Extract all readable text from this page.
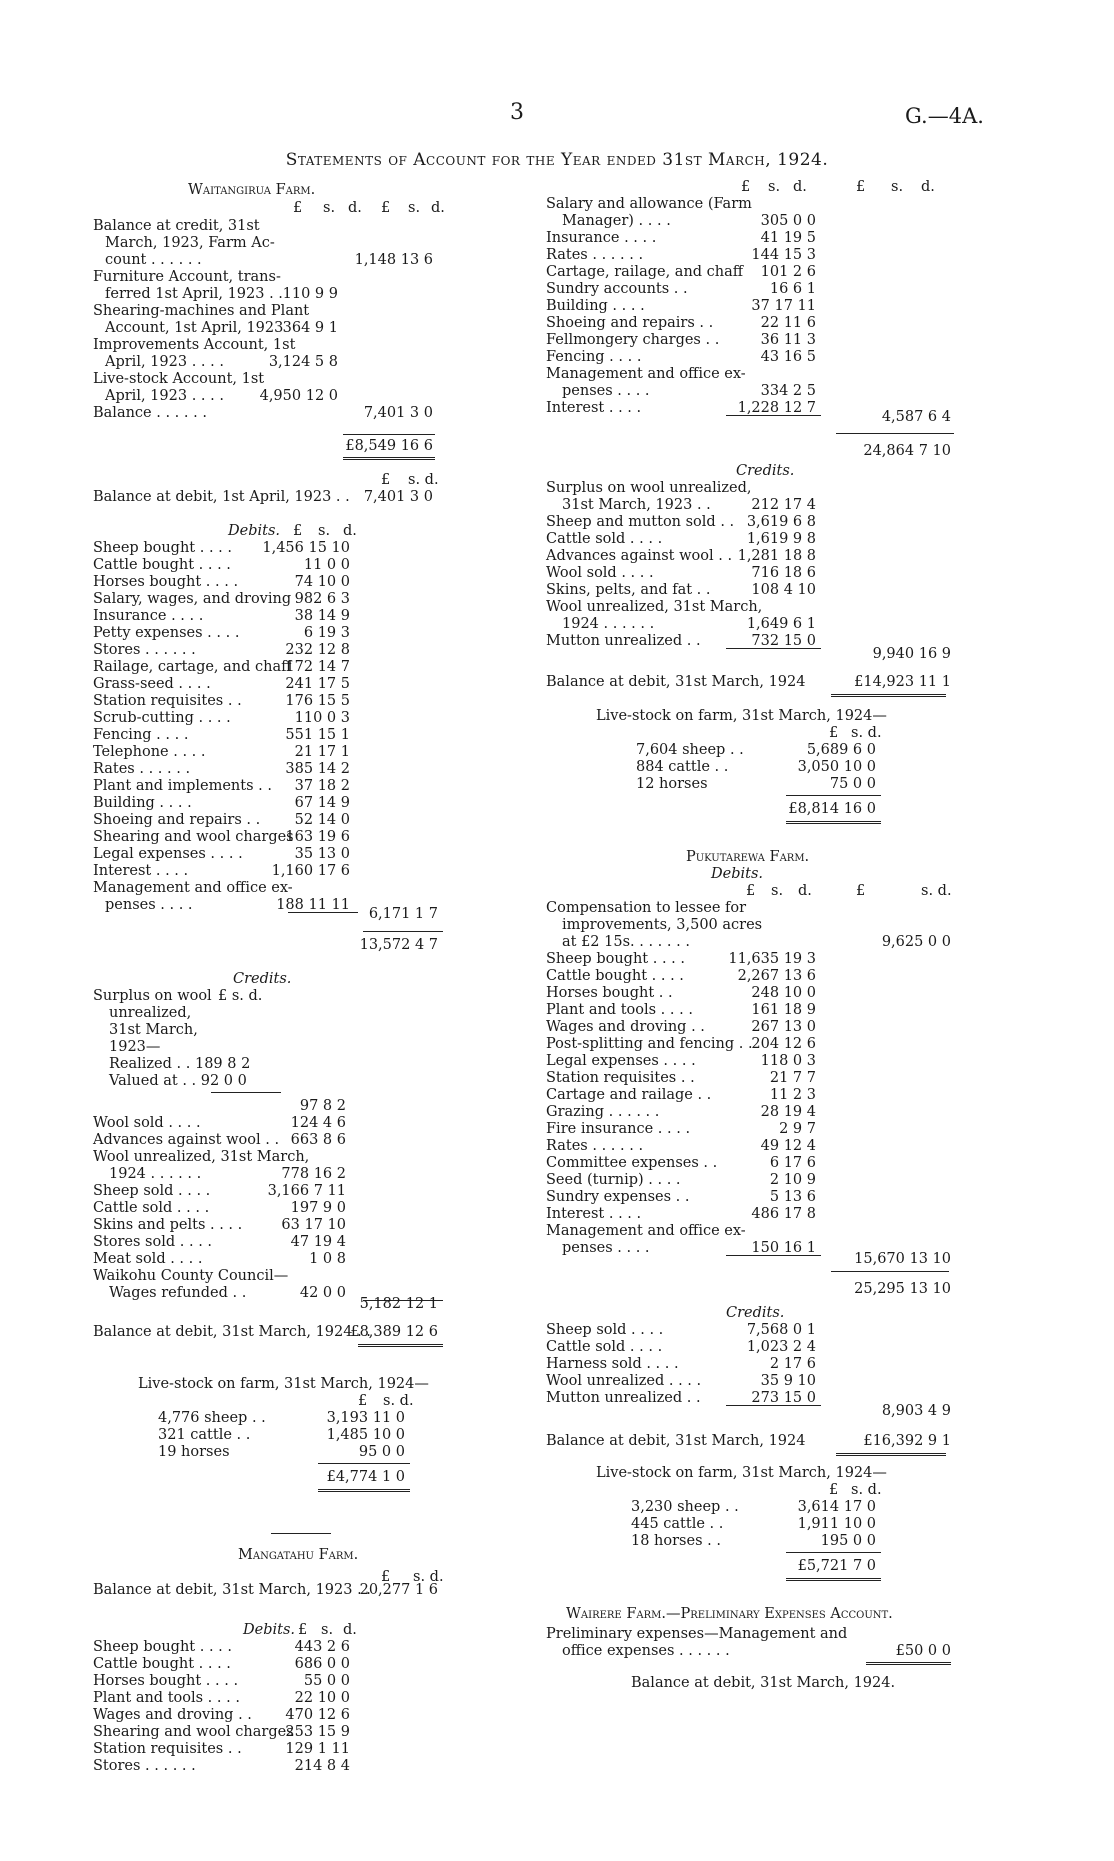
3	G.—4A.
Statements of Account for the Year ended 31st March, 1924.
Waitangirua Farm.
£ s. d. £ s. d.
Balance at credit, 31st
March, 1923, Farm Ac-
count . . . . . .	1,148 13 6
Furniture Account, trans-
ferred 1st April, 1923 . . 110 9 9
Shearing-machines and Plant
Account, 1st April, 1923 364 9 1
Improvements Account, 1st
April, 1923 . . . .	3,124 5 8
Live-stock Account, 1st
April, 1923 . . . .	4,950 12 0
Balance . . . . . .	7,401 3 0
£8,549 16 6
£ s. d.
Balance at debit, 1st April, 1923 . . 7,401 3 0
Debits. £ s. d.
Sheep bought . . . .	1,456 15 10
Cattle bought . . . .	11 0 0
Horses bought . . . .	74 10 0
Salary, wages, and droving 982 6 3
Insurance . . . .	38 14 9
Petty expenses . . . .	6 19 3
Stores . . . . . .	232 12 8
Railage, cartage, and chaff
172 14 7
Grass-seed . . . .	241 17 5
Station requisites . .	176 15 5
Scrub-cutting . . . .	110 0 3
Fencing . . . .	551 15 1
Telephone . . . .	21 17 1
Rates . . . . . .	385 14 2
Plant and implements . .	37 18 2
Building . . . .	67 14 9
Shoeing and repairs . .	52 14 0
Shearing and wool charges
163 19 6
Legal expenses . . . .	35 13 0
Interest . . . .	1,160 17 6
Management and office ex-
penses . . . .	188 11 11
6,171 1 7
13,572 4 7
Credits.
Surplus on wool
unrealized,
31st March,
1923—
£ s. d.
Realized . . 189 8 2
Valued at . . 92 0 0
97 8 2
Wool sold . . . .	124 4 6
Advances against wool . . 663 8 6
Wool unrealized, 31st March,
1924 . . . . . .	778 16 2
Sheep sold . . . .	3,166 7 11
Cattle sold . . . .	197 9 0
Skins and pelts . . . .	63 17 10
Stores sold . . . .	47 19 4
Meat sold . . . .	1 0 8
Waikohu County Council—
Wages refunded . .	42 0 0
5,182 12 1
Balance at debit, 31st March, 1924 . .
£8,389 12 6
Live-stock on farm, 31st March, 1924—
£ s. d.
4,776 sheep . .	3,193 11 0
321 cattle . .	1,485 10 0
19 horses	95 0 0
£4,774 1 0
Mangatahu Farm.
£ s. d.
Balance at debit, 31st March, 1923 . .
20,277 1 6
Debits. £ s. d.
Sheep bought . . . .	443 2 6
Cattle bought . . . .	686 0 0
Horses bought . . . .	55 0 0
Plant and tools . . . .	22 10 0
Wages and droving . .	470 12 6
Shearing and wool charges
253 15 9
Station requisites . .	129 1 11
Stores . . . . . .	214 8 4
£ s. d.	£ s. d.
Salary and allowance (Farm
Manager) . . . .	305 0 0
Insurance . . . .	41 19 5
Rates . . . . . .	144 15 3
Cartage, railage, and chaff	101 2 6
Sundry accounts . .	16 6 1
Building . . . .	37 17 11
Shoeing and repairs . .	22 11 6
Fellmongery charges . .	36 11 3
Fencing . . . .	43 16 5
Management and office ex-
penses . . . .	334 2 5
Interest . . . .	1,228 12 7
4,587 6 4
24,864 7 10
Credits.
Surplus on wool unrealized,
31st March, 1923 . .	212 17 4
Sheep and mutton sold . . 3,619 6 8
Cattle sold . . . .	1,619 9 8
Advances against wool . . 1,281 18 8
Wool sold . . . .	716 18 6
Skins, pelts, and fat . .	108 4 10
Wool unrealized, 31st March,
1924 . . . . . .	1,649 6 1
Mutton unrealized . .	732 15 0
9,940 16 9
Balance at debit, 31st March, 1924	£14,923 11 1
Live-stock on farm, 31st March, 1924—
£ s. d.
7,604 sheep . .	5,689 6 0
884 cattle . .	3,050 10 0
12 horses	75 0 0
£8,814 16 0
Pukutarewa Farm.
Debits.
£ s. d.	£	s. d.
Compensation to lessee for
improvements, 3,500 acres
at £2 15s. . . . . . .	9,625 0 0
Sheep bought . . . .	11,635 19 3
Cattle bought . . . .	2,267 13 6
Horses bought . .	248 10 0
Plant and tools . . . .	161 18 9
Wages and droving . .	267 13 0
Post-splitting and fencing . .
204 12 6
Legal expenses . . . .	118 0 3
Station requisites . .	21 7 7
Cartage and railage . .	11 2 3
Grazing . . . . . .	28 19 4
Fire insurance . . . .	2 9 7
Rates . . . . . .	49 12 4
Committee expenses . .	6 17 6
Seed (turnip) . . . .	2 10 9
Sundry expenses . .	5 13 6
Interest . . . .	486 17 8
Management and office ex-
penses . . . .	150 16 1
15,670 13 10
25,295 13 10
Credits.
Sheep sold . . . .	7,568 0 1
Cattle sold . . . .	1,023 2 4
Harness sold . . . .	2 17 6
Wool unrealized . . . .	35 9 10
Mutton unrealized . .	273 15 0
8,903 4 9
Balance at debit, 31st March, 1924	£16,392 9 1
Live-stock on farm, 31st March, 1924—
£ s. d.
3,230 sheep . .	3,614 17 0
445 cattle . .	1,911 10 0
18 horses . .	195 0 0
£5,721 7 0
Wairere Farm.—Preliminary Expenses Account.
Preliminary expenses—Management and
office expenses . . . . . .	£50 0 0
Balance at debit, 31st March, 1924.
